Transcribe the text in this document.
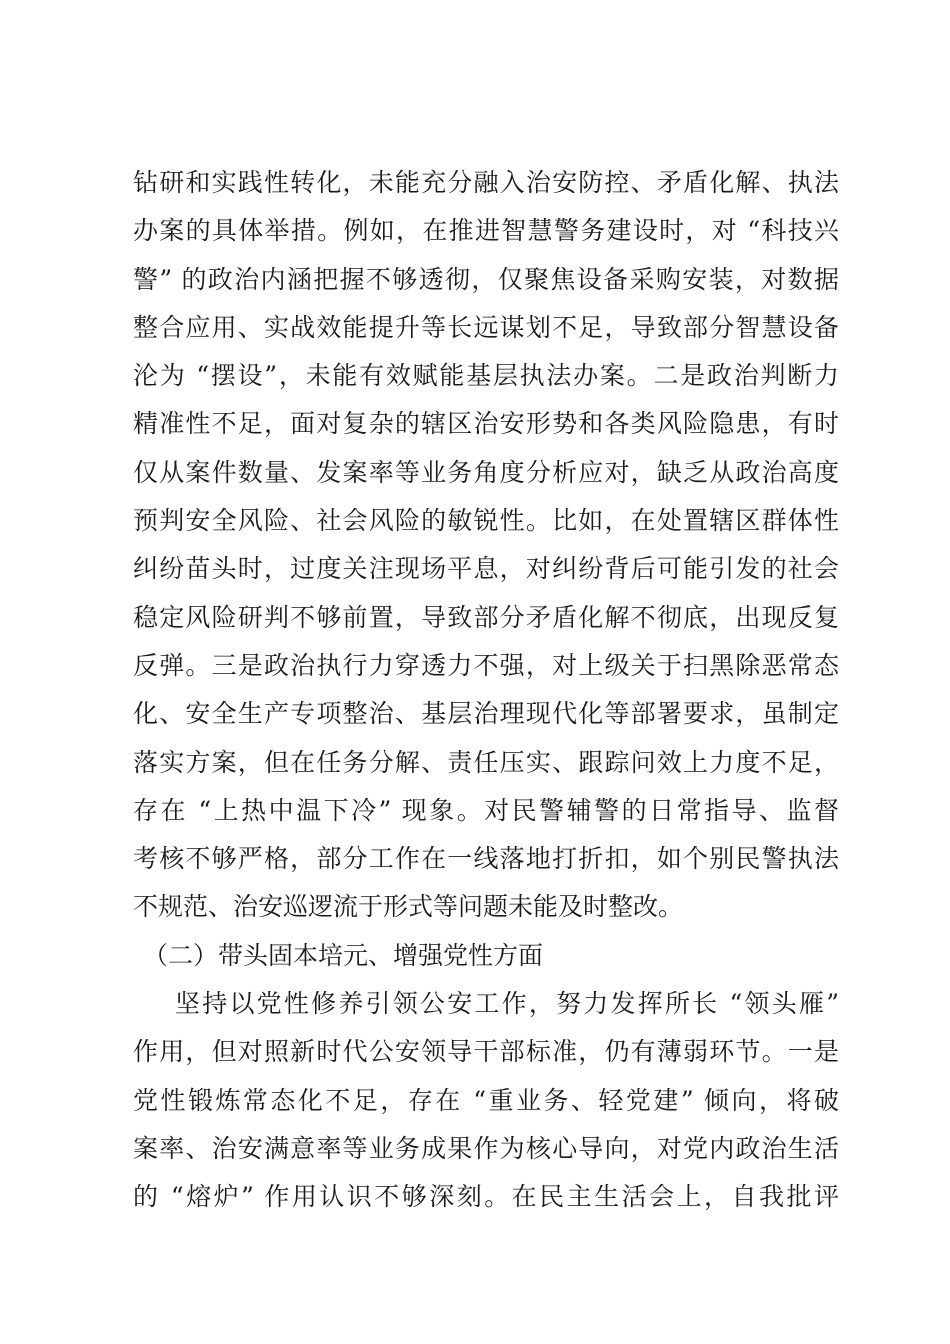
钻研和实践性转化，未能充分融入治安防控、矛盾化解、执法
办案的具体举措。例如，在推进智慧警务建设时，对 “科技兴
警” 的政治内涵把握不够透彻，仅聚焦设备采购安装，对数据
整合应用、实战效能提升等长远谋划不足，导致部分智慧设备
沦为 “摆设”，未能有效赋能基层执法办案。二是政治判断力
精准性不足，面对复杂的辖区治安形势和各类风险隐患，有时
仅从案件数量、发案率等业务角度分析应对，缺乏从政治高度
预判安全风险、社会风险的敏锐性。比如，在处置辖区群体性
纠纷苗头时，过度关注现场平息，对纠纷背后可能引发的社会
稳定风险研判不够前置，导致部分矛盾化解不彻底，出现反复
反弹。三是政治执行力穿透力不强，对上级关于扫黑除恶常态
化、安全生产专项整治、基层治理现代化等部署要求，虽制定
落实方案，但在任务分解、责任压实、跟踪问效上力度不足，
存在 “上热中温下冷” 现象。对民警辅警的日常指导、监督
考核不够严格，部分工作在一线落地打折扣，如个别民警执法
不规范、治安巡逻流于形式等问题未能及时整改。
（二）带头固本培元、增强党性方面
坚持以党性修养引领公安工作，努力发挥所长 “领头雁”
作用，但对照新时代公安领导干部标准，仍有薄弱环节。一是
党性锻炼常态化不足，存在 “重业务、轻党建” 倾向，将破
案率、治安满意率等业务成果作为核心导向，对党内政治生活
的 “熔炉” 作用认识不够深刻。在民主生活会上，自我批评
